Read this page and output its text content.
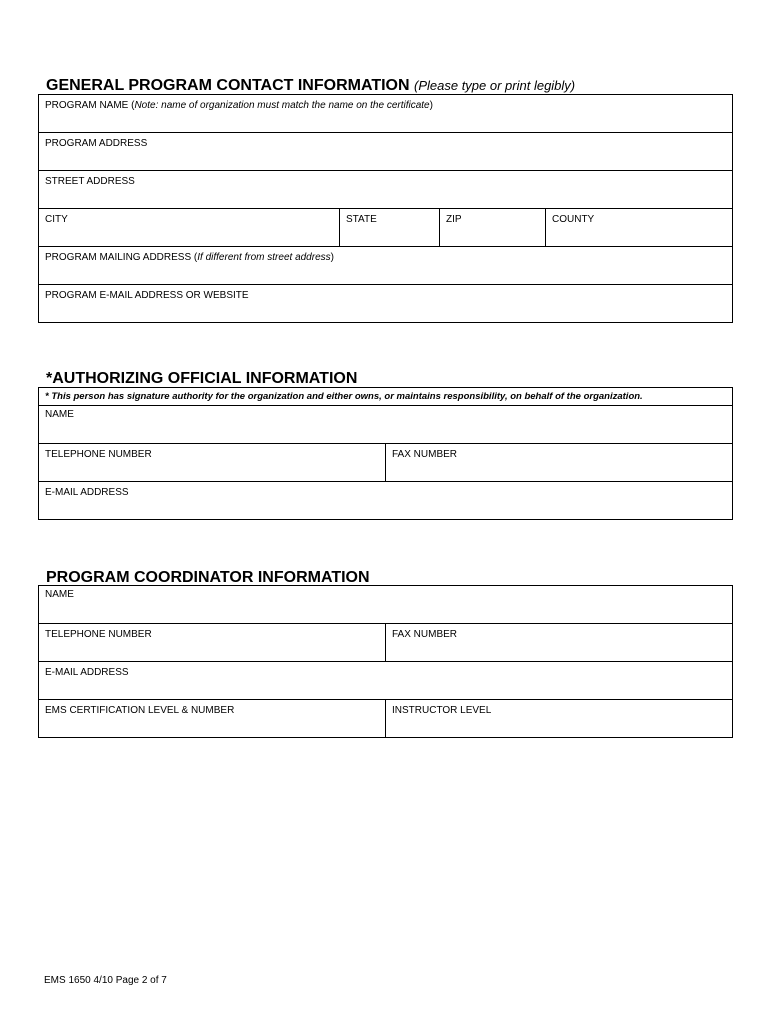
GENERAL PROGRAM CONTACT INFORMATION (Please type or print legibly)
PROGRAM NAME (Note: name of organization must match the name on the certificate)
PROGRAM ADDRESS
STREET ADDRESS
CITY	STATE	ZIP	COUNTY
PROGRAM MAILING ADDRESS (If different from street address)
PROGRAM E-MAIL ADDRESS OR WEBSITE
*AUTHORIZING OFFICIAL INFORMATION
* This person has signature authority for the organization and either owns, or maintains responsibility, on behalf of the organization.
NAME
TELEPHONE NUMBER	FAX NUMBER
E-MAIL ADDRESS
PROGRAM COORDINATOR INFORMATION
NAME	
TELEPHONE NUMBER	FAX NUMBER
E-MAIL ADDRESS	
EMS CERTIFICATION LEVEL & NUMBER	INSTRUCTOR LEVEL
EMS 1650 4/10 Page 2 of 7
